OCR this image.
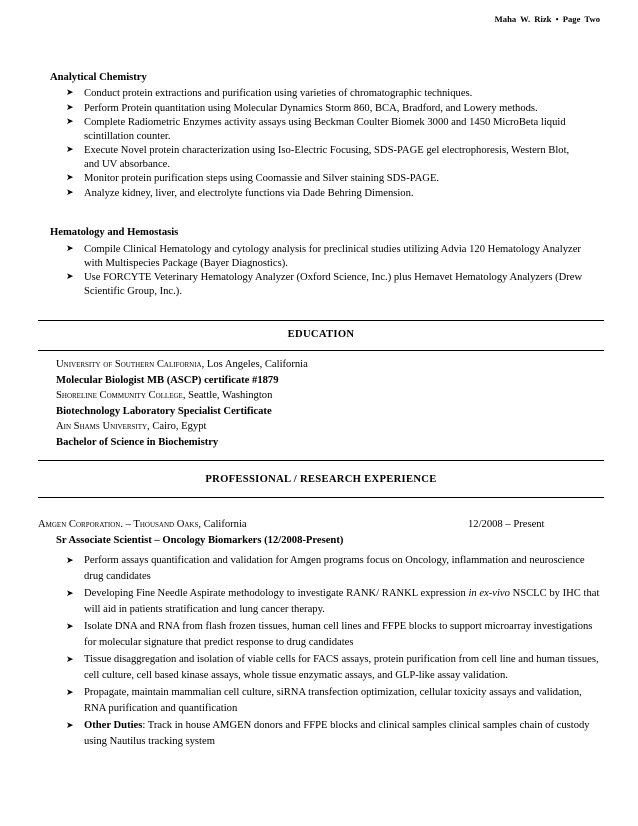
Maha W. Rizk • Page Two
Analytical Chemistry
➤ Conduct protein extractions and purification using varieties of chromatographic techniques.
➤ Perform Protein quantitation using Molecular Dynamics Storm 860, BCA, Bradford, and Lowery methods.
➤ Complete Radiometric Enzymes activity assays using Beckman Coulter Biomek 3000 and 1450 MicroBeta liquid scintillation counter.
➤ Execute Novel protein characterization using Iso-Electric Focusing, SDS-PAGE gel electrophoresis, Western Blot, and UV absorbance.
➤ Monitor protein purification steps using Coomassie and Silver staining SDS-PAGE.
➤ Analyze kidney, liver, and electrolyte functions via Dade Behring Dimension.
Hematology and Hemostasis
➤ Compile Clinical Hematology and cytology analysis for preclinical studies utilizing Advia 120 Hematology Analyzer with Multispecies Package (Bayer Diagnostics).
➤ Use FORCYTE Veterinary Hematology Analyzer (Oxford Science, Inc.) plus Hemavet Hematology Analyzers (Drew Scientific Group, Inc.).
EDUCATION
University of Southern California, Los Angeles, California
Molecular Biologist MB (ASCP) certificate #1879
Shoreline Community College, Seattle, Washington
Biotechnology Laboratory Specialist Certificate
Ain Shams University, Cairo, Egypt
Bachelor of Science in Biochemistry
PROFESSIONAL / RESEARCH EXPERIENCE
Amgen Corporation. – Thousand Oaks, California	12/2008 – Present
Sr Associate Scientist – Oncology Biomarkers (12/2008-Present)
➤ Perform assays quantification and validation for Amgen programs focus on Oncology, inflammation and neuroscience drug candidates
➤ Developing Fine Needle Aspirate methodology to investigate RANK/ RANKL expression in ex-vivo NSCLC by IHC that will aid in patients stratification and lung cancer therapy.
➤ Isolate DNA and RNA from flash frozen tissues, human cell lines and FFPE blocks to support microarray investigations for molecular signature that predict response to drug candidates
➤ Tissue disaggregation and isolation of viable cells for FACS assays, protein purification from cell line and human tissues, cell culture, cell based kinase assays, whole tissue enzymatic assays, and GLP-like assay validation.
➤ Propagate, maintain mammalian cell culture, siRNA transfection optimization, cellular toxicity assays and validation, RNA purification and quantification
➤ Other Duties: Track in house AMGEN donors and FFPE blocks and clinical samples clinical samples chain of custody using Nautilus tracking system
